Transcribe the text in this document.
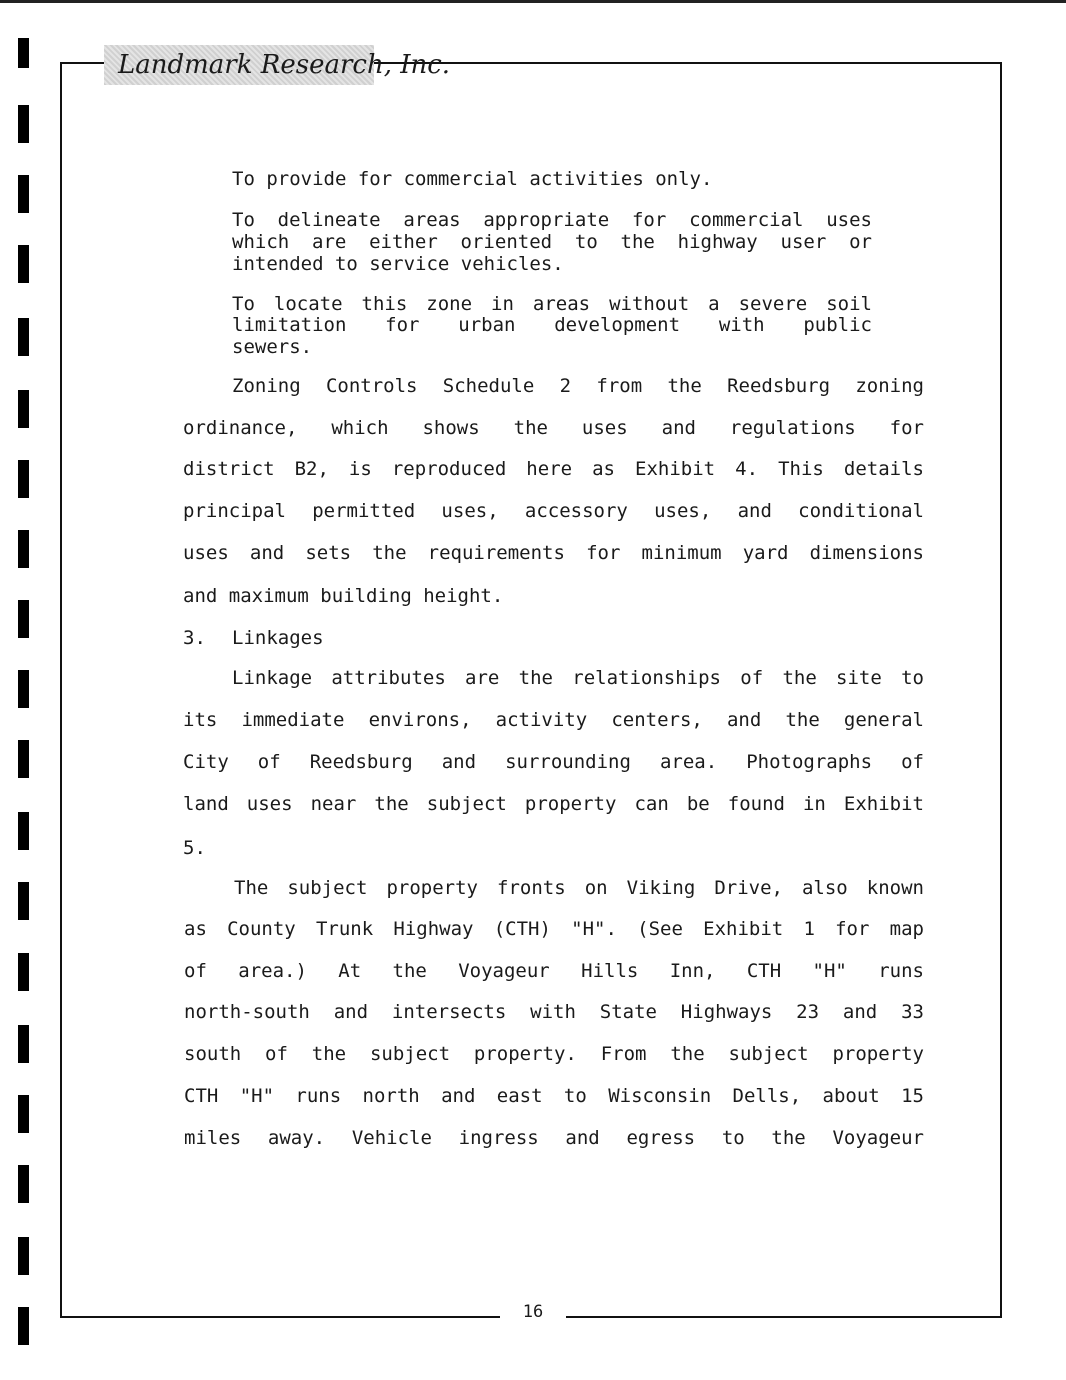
Landmark Research, Inc.
To provide for commercial activities only.
To delineate areas appropriate for commercial uses
which are either oriented to the highway user or
intended to service vehicles.
To locate this zone in areas without a severe soil
limitation for urban development with public
sewers.
Zoning Controls Schedule 2 from the Reedsburg zoning
ordinance, which shows the uses and regulations for
district B2, is reproduced here as Exhibit 4. This details
principal permitted uses, accessory uses, and conditional
uses and sets the requirements for minimum yard dimensions
and maximum building height.
3. Linkages
Linkage attributes are the relationships of the site to
its immediate environs, activity centers, and the general
City of Reedsburg and surrounding area. Photographs of
land uses near the subject property can be found in Exhibit
5.
The subject property fronts on Viking Drive, also known
as County Trunk Highway (CTH) "H". (See Exhibit 1 for map
of area.) At the Voyageur Hills Inn, CTH "H" runs
north-south and intersects with State Highways 23 and 33
south of the subject property. From the subject property
CTH "H" runs north and east to Wisconsin Dells, about 15
miles away. Vehicle ingress and egress to the Voyageur
16
